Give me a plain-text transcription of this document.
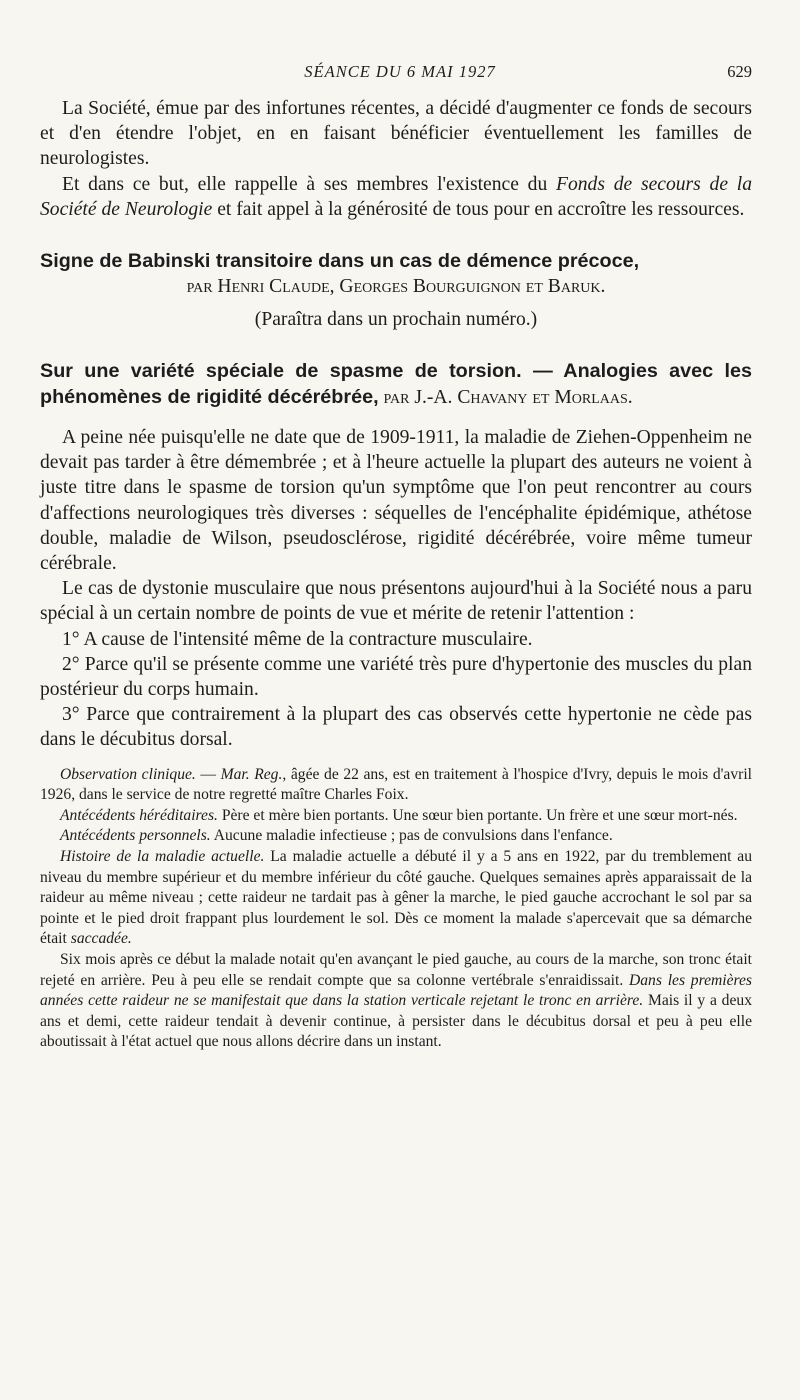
SÉANCE DU 6 MAI 1927	629

La Société, émue par des infortunes récentes, a décidé d'augmenter ce fonds de secours et d'en étendre l'objet, en en faisant bénéficier éventuellement les familles de neurologistes.

Et dans ce but, elle rappelle à ses membres l'existence du Fonds de secours de la Société de Neurologie et fait appel à la générosité de tous pour en accroître les ressources.

Signe de Babinski transitoire dans un cas de démence précoce,

par Henri Claude, Georges Bourguignon et Baruk.

(Paraîtra dans un prochain numéro.)

Sur une variété spéciale de spasme de torsion. — Analogies avec les phénomènes de rigidité décérébrée, par J.-A. Chavany et Morlaas.

A peine née puisqu'elle ne date que de 1909-1911, la maladie de Ziehen-Oppenheim ne devait pas tarder à être démembrée ; et à l'heure actuelle la plupart des auteurs ne voient à juste titre dans le spasme de torsion qu'un symptôme que l'on peut rencontrer au cours d'affections neurologiques très diverses : séquelles de l'encéphalite épidémique, athétose double, maladie de Wilson, pseudosclérose, rigidité décérébrée, voire même tumeur cérébrale.

Le cas de dystonie musculaire que nous présentons aujourd'hui à la Société nous a paru spécial à un certain nombre de points de vue et mérite de retenir l'attention :

1° A cause de l'intensité même de la contracture musculaire.

2° Parce qu'il se présente comme une variété très pure d'hypertonie des muscles du plan postérieur du corps humain.

3° Parce que contrairement à la plupart des cas observés cette hypertonie ne cède pas dans le décubitus dorsal.

Observation clinique. — Mar. Reg., âgée de 22 ans, est en traitement à l'hospice d'Ivry, depuis le mois d'avril 1926, dans le service de notre regretté maître Charles Foix.

Antécédents héréditaires. Père et mère bien portants. Une sœur bien portante. Un frère et une sœur mort-nés.

Antécédents personnels. Aucune maladie infectieuse ; pas de convulsions dans l'enfance.

Histoire de la maladie actuelle. La maladie actuelle a débuté il y a 5 ans en 1922, par du tremblement au niveau du membre supérieur et du membre inférieur du côté gauche. Quelques semaines après apparaissait de la raideur au même niveau ; cette raideur ne tardait pas à gêner la marche, le pied gauche accrochant le sol par sa pointe et le pied droit frappant plus lourdement le sol. Dès ce moment la malade s'apercevait que sa démarche était saccadée.

Six mois après ce début la malade notait qu'en avançant le pied gauche, au cours de la marche, son tronc était rejeté en arrière. Peu à peu elle se rendait compte que sa colonne vertébrale s'enraidissait. Dans les premières années cette raideur ne se manifestait que dans la station verticale rejetant le tronc en arrière. Mais il y a deux ans et demi, cette raideur tendait à devenir continue, à persister dans le décubitus dorsal et peu à peu elle aboutissait à l'état actuel que nous allons décrire dans un instant.
